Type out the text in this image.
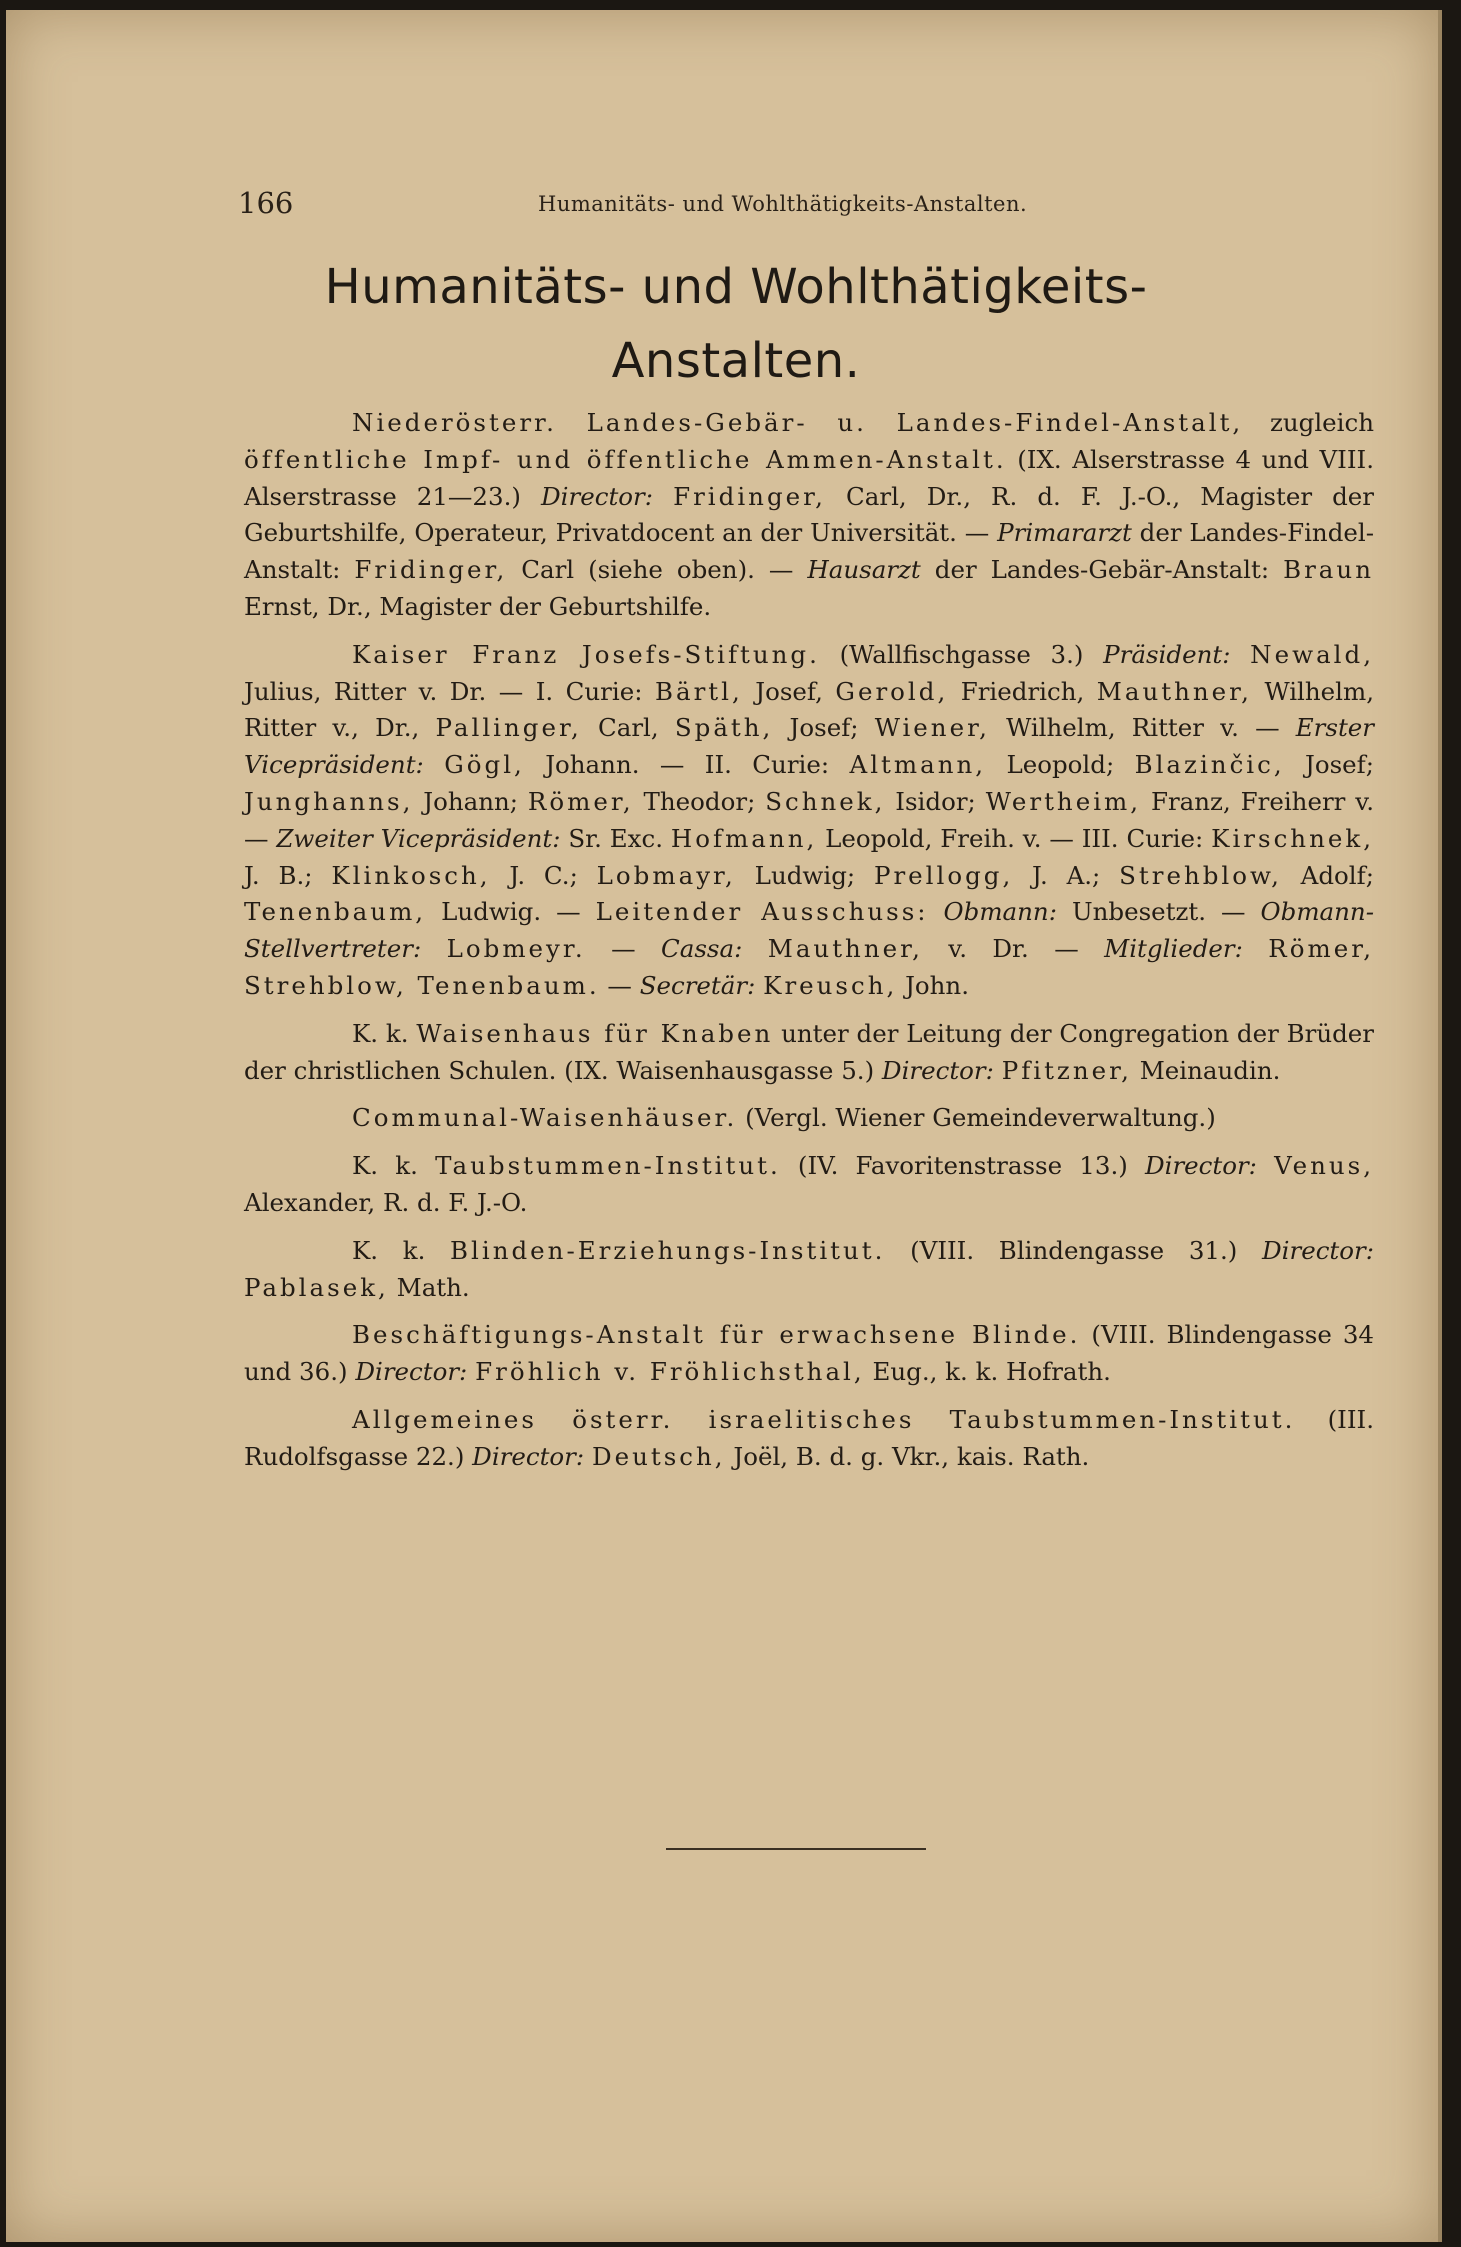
166	Humanitäts- und Wohlthätigkeits-Anstalten.
Humanitäts- und Wohlthätigkeits-
Anstalten.

Niederösterr. Landes-Gebär- u. Landes-Findel-Anstalt, zugleich öffentliche Impf- und öffentliche Ammen-Anstalt. (IX. Alserstrasse 4 und VIII. Alserstrasse 21—23.) Director: Fridinger, Carl, Dr., R. d. F. J.-O., Magister der Geburtshilfe, Operateur, Privatdocent an der Universität. — Primararzt der Landes-Findel-Anstalt: Fridinger, Carl (siehe oben). — Hausarzt der Landes-Gebär-Anstalt: Braun Ernst, Dr., Magister der Geburtshilfe.

Kaiser Franz Josefs-Stiftung. (Wallfischgasse 3.) Präsident: Newald, Julius, Ritter v. Dr. — I. Curie: Bärtl, Josef, Gerold, Friedrich, Mauthner, Wilhelm, Ritter v., Dr., Pallinger, Carl, Späth, Josef; Wiener, Wilhelm, Ritter v. — Erster Vicepräsident: Gögl, Johann. — II. Curie: Altmann, Leopold; Blazinčic, Josef; Junghanns, Johann; Römer, Theodor; Schnek, Isidor; Wertheim, Franz, Freiherr v. — Zweiter Vicepräsident: Sr. Exc. Hofmann, Leopold, Freih. v. — III. Curie: Kirschnek, J. B.; Klinkosch, J. C.; Lobmayr, Ludwig; Prellogg, J. A.; Strehblow, Adolf; Tenenbaum, Ludwig. — Leitender Ausschuss: Obmann: Unbesetzt. — Obmann-Stellvertreter: Lobmeyr. — Cassa: Mauthner, v. Dr. — Mitglieder: Römer, Strehblow, Tenenbaum. — Secretär: Kreusch, John.

K. k. Waisenhaus für Knaben unter der Leitung der Congregation der Brüder der christlichen Schulen. (IX. Waisenhausgasse 5.) Director: Pfitzner, Meinaudin.

Communal-Waisenhäuser. (Vergl. Wiener Gemeindeverwaltung.)

K. k. Taubstummen-Institut. (IV. Favoritenstrasse 13.) Director: Venus, Alexander, R. d. F. J.-O.

K. k. Blinden-Erziehungs-Institut. (VIII. Blindengasse 31.) Director: Pablasek, Math.

Beschäftigungs-Anstalt für erwachsene Blinde. (VIII. Blindengasse 34 und 36.) Director: Fröhlich v. Fröhlichsthal, Eug., k. k. Hofrath.

Allgemeines österr. israelitisches Taubstummen-Institut. (III. Rudolfsgasse 22.) Director: Deutsch, Joël, B. d. g. Vkr., kais. Rath.
